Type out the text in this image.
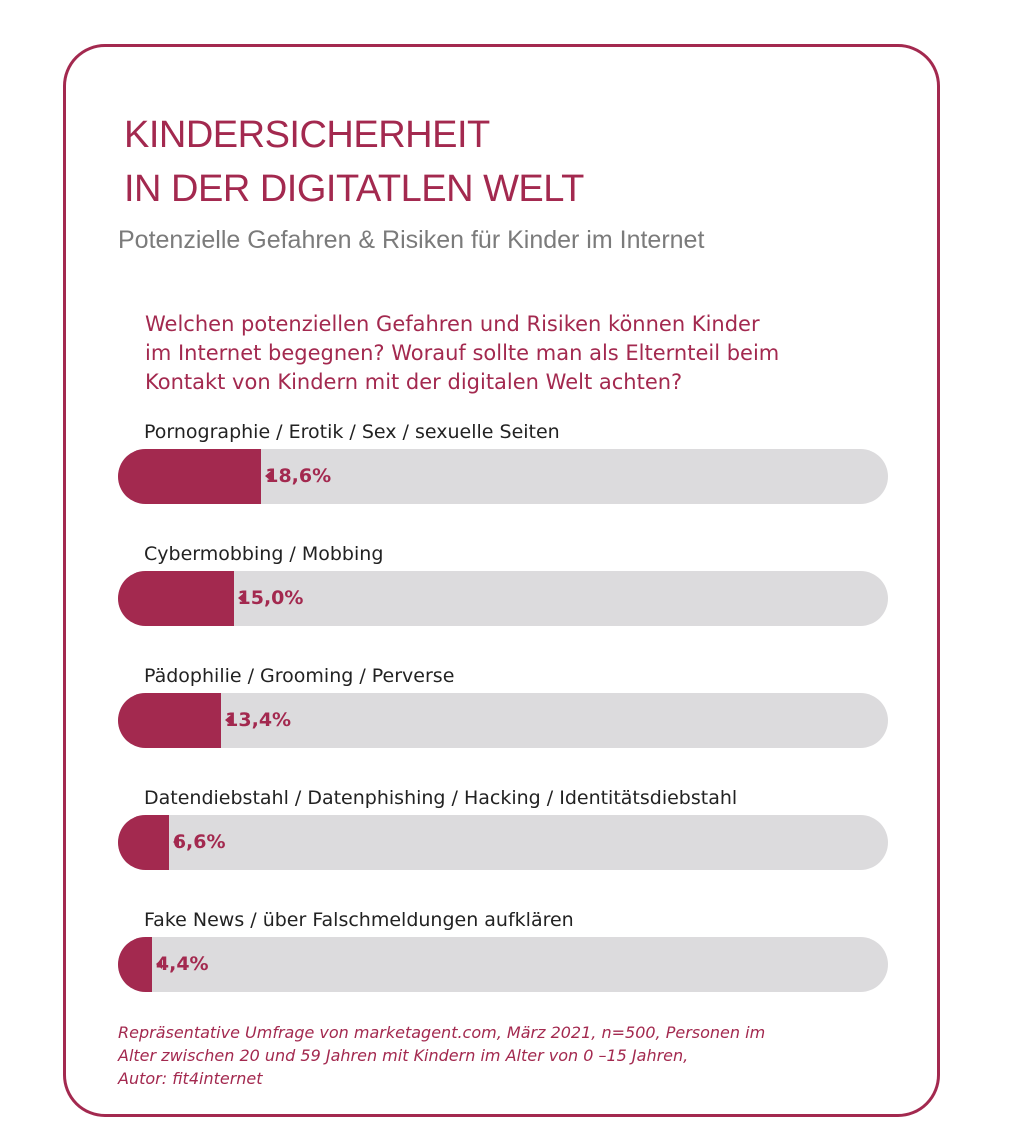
KINDERSICHERHEIT
IN DER DIGITATLEN WELT
Potenzielle Gefahren & Risiken für Kinder im Internet
Welchen potenziellen Gefahren und Risiken können Kinder
im Internet begegnen? Worauf sollte man als Elternteil beim
Kontakt von Kindern mit der digitalen Welt achten?
Pornographie / Erotik / Sex / sexuelle Seiten
18,6%
Cybermobbing / Mobbing
15,0%
Pädophilie / Grooming / Perverse
13,4%
Datendiebstahl / Datenphishing / Hacking / Identitätsdiebstahl
6,6%
Fake News / über Falschmeldungen aufklären
4,4%
Repräsentative Umfrage von marketagent.com, März 2021, n=500, Personen im
Alter zwischen 20 und 59 Jahren mit Kindern im Alter von 0 –15 Jahren,
Autor: fit4internet
